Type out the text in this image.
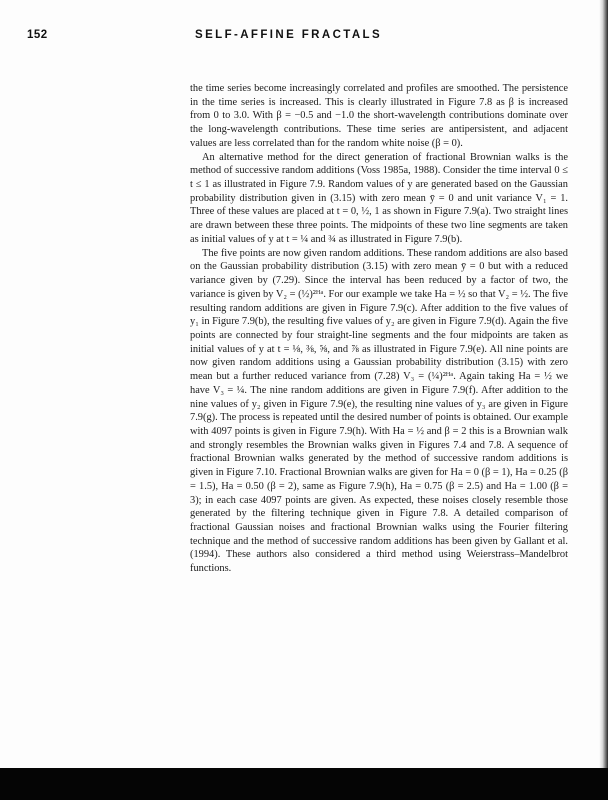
152	SELF-AFFINE FRACTALS

the time series become increasingly correlated and profiles are smoothed. The persistence in the time series is increased. This is clearly illustrated in Figure 7.8 as β is increased from 0 to 3.0. With β = −0.5 and −1.0 the short-wavelength contributions dominate over the long-wavelength contributions. These time series are antipersistent, and adjacent values are less correlated than for the random white noise (β = 0).

An alternative method for the direct generation of fractional Brownian walks is the method of successive random additions (Voss 1985a, 1988). Consider the time interval 0 ≤ t ≤ 1 as illustrated in Figure 7.9. Random values of y are generated based on the Gaussian probability distribution given in (3.15) with zero mean ȳ = 0 and unit variance V₁ = 1. Three of these values are placed at t = 0, ½, 1 as shown in Figure 7.9(a). Two straight lines are drawn between these three points. The midpoints of these two line segments are taken as initial values of y at t = ¼ and ¾ as illustrated in Figure 7.9(b).

The five points are now given random additions. These random additions are also based on the Gaussian probability distribution (3.15) with zero mean ȳ = 0 but with a reduced variance given by (7.29). Since the interval has been reduced by a factor of two, the variance is given by V₂ = (½)²ᴴᵃ. For our example we take Ha = ½ so that V₂ = ½. The five resulting random additions are given in Figure 7.9(c). After addition to the five values of y₁ in Figure 7.9(b), the resulting five values of y₂ are given in Figure 7.9(d). Again the five points are connected by four straight-line segments and the four midpoints are taken as initial values of y at t = ⅛, ⅜, ⅝, and ⅞ as illustrated in Figure 7.9(e). All nine points are now given random additions using a Gaussian probability distribution (3.15) with zero mean but a further reduced variance from (7.28) V₃ = (¼)²ᴴᵃ. Again taking Ha = ½ we have V₃ = ¼. The nine random additions are given in Figure 7.9(f). After addition to the nine values of y₂ given in Figure 7.9(e), the resulting nine values of y₃ are given in Figure 7.9(g). The process is repeated until the desired number of points is obtained. Our example with 4097 points is given in Figure 7.9(h). With Ha = ½ and β = 2 this is a Brownian walk and strongly resembles the Brownian walks given in Figures 7.4 and 7.8. A sequence of fractional Brownian walks generated by the method of successive random additions is given in Figure 7.10. Fractional Brownian walks are given for Ha = 0 (β = 1), Ha = 0.25 (β = 1.5), Ha = 0.50 (β = 2), same as Figure 7.9(h), Ha = 0.75 (β = 2.5) and Ha = 1.00 (β = 3); in each case 4097 points are given. As expected, these noises closely resemble those generated by the filtering technique given in Figure 7.8. A detailed comparison of fractional Gaussian noises and fractional Brownian walks using the Fourier filtering technique and the method of successive random additions has been given by Gallant et al. (1994). These authors also considered a third method using Weierstrass–Mandelbrot functions.
